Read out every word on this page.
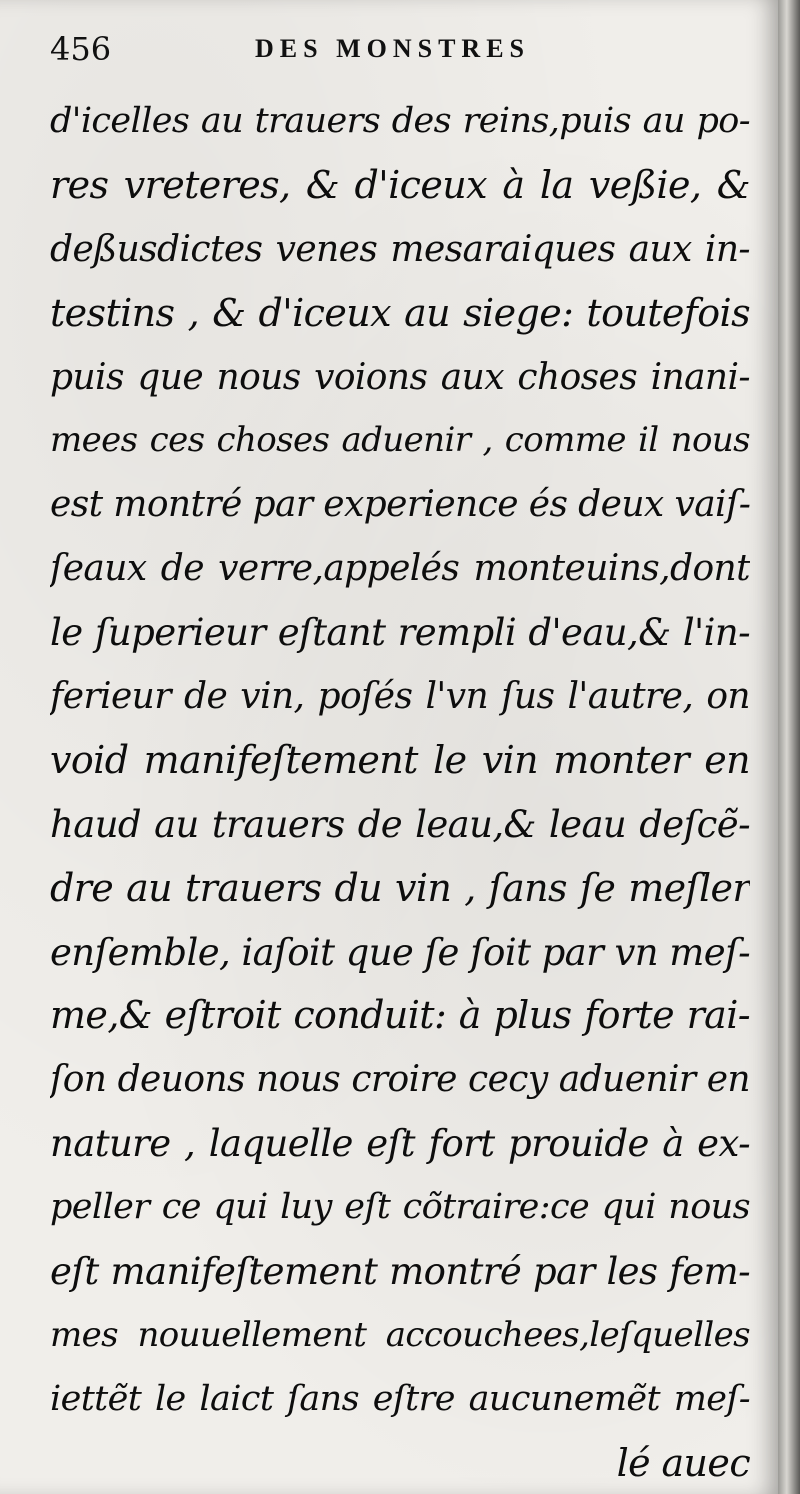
456	DES MONSTRES
d'icelles au trauers des reins,puis au po-
res vreteres, & d'iceux à la veßie, &
deßusdictes venes mesaraiques aux in-
testins , & d'iceux au siege: toutefois
puis que nous voions aux choses inani-
mees ces choses aduenir , comme il nous
est montré par experience és deux vaiſ-
ſeaux de verre,appelés monteuins,dont
le ſuperieur eſtant rempli d'eau,& l'in-
ferieur de vin, poſés l'vn ſus l'autre, on
void manifeſtement le vin monter en
haud au trauers de leau,& leau deſcẽ-
dre au trauers du vin , ſans ſe meſler
enſemble, iaſoit que ſe ſoit par vn meſ-
me,& eſtroit conduit: à plus forte rai-
ſon deuons nous croire cecy aduenir en
nature , laquelle eſt fort prouide à ex-
peller ce qui luy eſt cõtraire:ce qui nous
eſt manifeſtement montré par les fem-
mes nouuellement accouchees,leſquelles
iettẽt le laict ſans eſtre aucunemẽt meſ-
lé auec
